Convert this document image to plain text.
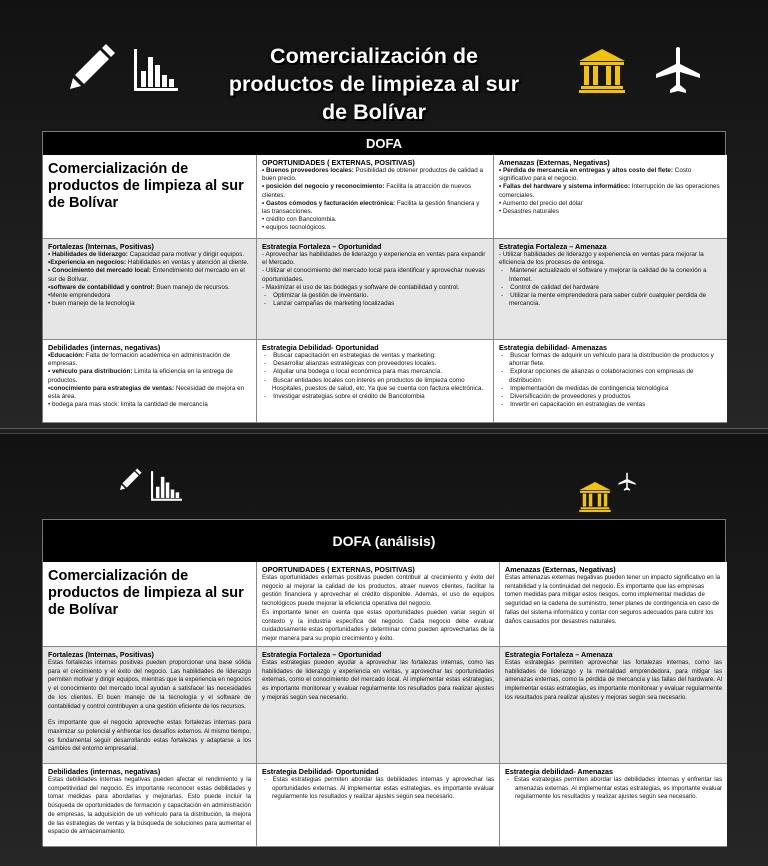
Comercialización de productos de limpieza al sur de Bolívar
DOFA
Comercialización de productos de limpieza al sur de Bolívar
OPORTUNIDADES ( EXTERNAS, POSITIVAS)
• Buenos proveedores locales: Posibilidad de obtener productos de calidad a buen precio.
• posición del negocio y reconocimiento: Facilita la atracción de nuevos clientes.
• Gastos cómodos y facturación electrónica: Facilita la gestión financiera y las transacciones.
• crédito con Bancolombia.
• equipos tecnológicos.
Amenazas (Externas, Negativas)
• Pérdida de mercancía en entregas y altos costo del flete: Costo significativo para el negocio.
• Fallas del hardware y sistema informático: Interrupción de las operaciones comerciales.
• Aumento del precio del dólar
• Desastres naturales
Fortalezas (Internas, Positivas)
• Habilidades de liderazgo: Capacidad para motivar y dirigir equipos.
•Experiencia en negocios: Habilidades en ventas y atención al cliente.
• Conocimiento del mercado local: Entendimiento del mercado en el sur de Bolívar.
•software de contabilidad y control: Buen manejo de recursos.
•Mente emprendedora
• buen manejo de la tecnología
Estrategia Fortaleza – Oportunidad
- Aprovechar las habilidades de liderazgo y experiencia en ventas para expandir el Mercado.
- Utilizar el conocimiento del mercado local para identificar y aprovechar nuevas oportunidades.
- Maximizar el uso de las bodegas y software de contabilidad y control.
-    Optimizar la gestión de inventario.
-    Lanzar campañas de marketing localizadas
Estrategia Fortaleza – Amenaza
- Utilizar habilidades de liderazgo y experiencia en ventas para mejorar la eficiencia de los procesos de entrega.
-    Mantener actualizado el software y mejorar la calidad de la conexión a Internet.
-    Control de calidad del hardware
-    Utilizar la mente emprendedora para saber cubrir cualquier perdida de mercancía.
Debilidades (internas, negativas)
•Educación: Falta de formación académica en administración de empresas.
• vehículo para distribución: Limita la eficiencia en la entrega de productos.
•conocimiento para estrategias de ventas: Necesidad de mejora en esta área.
• bodega para mas stock: limita la cantidad de mercancía
Estrategia Debilidad- Oportunidad
-    Buscar capacitación en estrategias de ventas y marketing:
-    Desarrollar alianzas estratégicas con proveedores locales.
-    Alquilar una bodega o local económica para mas mercancía.
-    Buscar entidades locales con interés en productos de limpieza como Hospitales, puestos de salud, etc. Ya que se cuenta con factura electrónica.
-    Investigar estrategias sobre el crédito de Bancolombia
Estrategia debilidad- Amenazas
-    Buscar formas de adquirir un vehículo para la distribución de productos y ahorrar flete.
-    Explorar opciones de alianzas o colaboraciones con empresas de distribución
-    Implementación de medidas de contingencia tecnológica
-    Diversificación de proveedores y productos
-    Invertir en capacitación en estrategias de ventas
DOFA (análisis)
Comercialización de productos de limpieza al sur de Bolívar
OPORTUNIDADES ( EXTERNAS, POSITIVAS)
Estas oportunidades externas positivas pueden contribuir al crecimiento y éxito del negocio al mejorar la calidad de los productos, atraer nuevos clientes, facilitar la gestión financiera y aprovechar el crédito disponible. Además, el uso de equipos tecnológicos puede mejorar la eficiencia operativa del negocio.
Es importante tener en cuenta que estas oportunidades pueden variar según el contexto y la industria específica del negocio. Cada negocio debe evaluar cuidadosamente estas oportunidades y determinar cómo pueden aprovecharlas de la mejor manera para su propio crecimiento y éxito.
Amenazas (Externas, Negativas)
Estas amenazas externas negativas pueden tener un impacto significativo en la rentabilidad y la continuidad del negocio. Es importante que las empresas tomen medidas para mitigar estos riesgos, como implementar medidas de seguridad en la cadena de suministro, tener planes de contingencia en caso de fallas del sistema informático y contar con seguros adecuados para cubrir los daños causados por desastres naturales.
Fortalezas (Internas, Positivas)
Estas fortalezas internas positivas pueden proporcionar una base sólida para el crecimiento y el éxito del negocio. Las habilidades de liderazgo permiten motivar y dirigir equipos, mientras que la experiencia en negocios y el conocimiento del mercado local ayudan a satisfacer las necesidades de los clientes. El buen manejo de la tecnología y el software de contabilidad y control contribuyen a una gestión eficiente de los recursos.
Es importante que el negocio aproveche estas fortalezas internas para maximizar su potencial y enfrentar los desafíos externos. Al mismo tiempo, es fundamental seguir desarrollando estas fortalezas y adaptarse a los cambios del entorno empresarial.
Estrategia Fortaleza – Oportunidad
Estas estrategias pueden ayudar a aprovechar las fortalezas internas, como las habilidades de liderazgo y experiencia en ventas, y aprovechar las oportunidades externas, como el conocimiento del mercado local. Al implementar estas estrategias, es importante monitorear y evaluar regularmente los resultados para realizar ajustes y mejoras según sea necesario.
Estrategia Fortaleza – Amenaza
Estas estrategias permiten aprovechar las fortalezas internas, como las habilidades de liderazgo y la mentalidad emprendedora, para mitigar las amenazas externas, como la pérdida de mercancía y las fallas del hardware. Al implementar estas estrategias, es importante monitorear y evaluar regularmente los resultados para realizar ajustes y mejoras según sea necesario.
Debilidades (internas, negativas)
Estas debilidades internas negativas pueden afectar el rendimiento y la competitividad del negocio. Es importante reconocer estas debilidades y tomar medidas para abordarlas y mejorarlas. Esto puede incluir la búsqueda de oportunidades de formación y capacitación en administración de empresas, la adquisición de un vehículo para la distribución, la mejora de las estrategias de ventas y la búsqueda de soluciones para aumentar el espacio de almacenamiento.
Estrategia Debilidad- Oportunidad
-  Estas estrategias permiten abordar las debilidades internas y aprovechar las oportunidades externas. Al implementar estas estrategias, es importante evaluar regularmente los resultados y realizar ajustes según sea necesario.
Estrategia debilidad- Amenazas
-  Estas estrategias permiten abordar las debilidades internas y enfrentar las amenazas externas. Al implementar estas estrategias, es importante evaluar regularmente los resultados y realizar ajustes según sea necesario.
